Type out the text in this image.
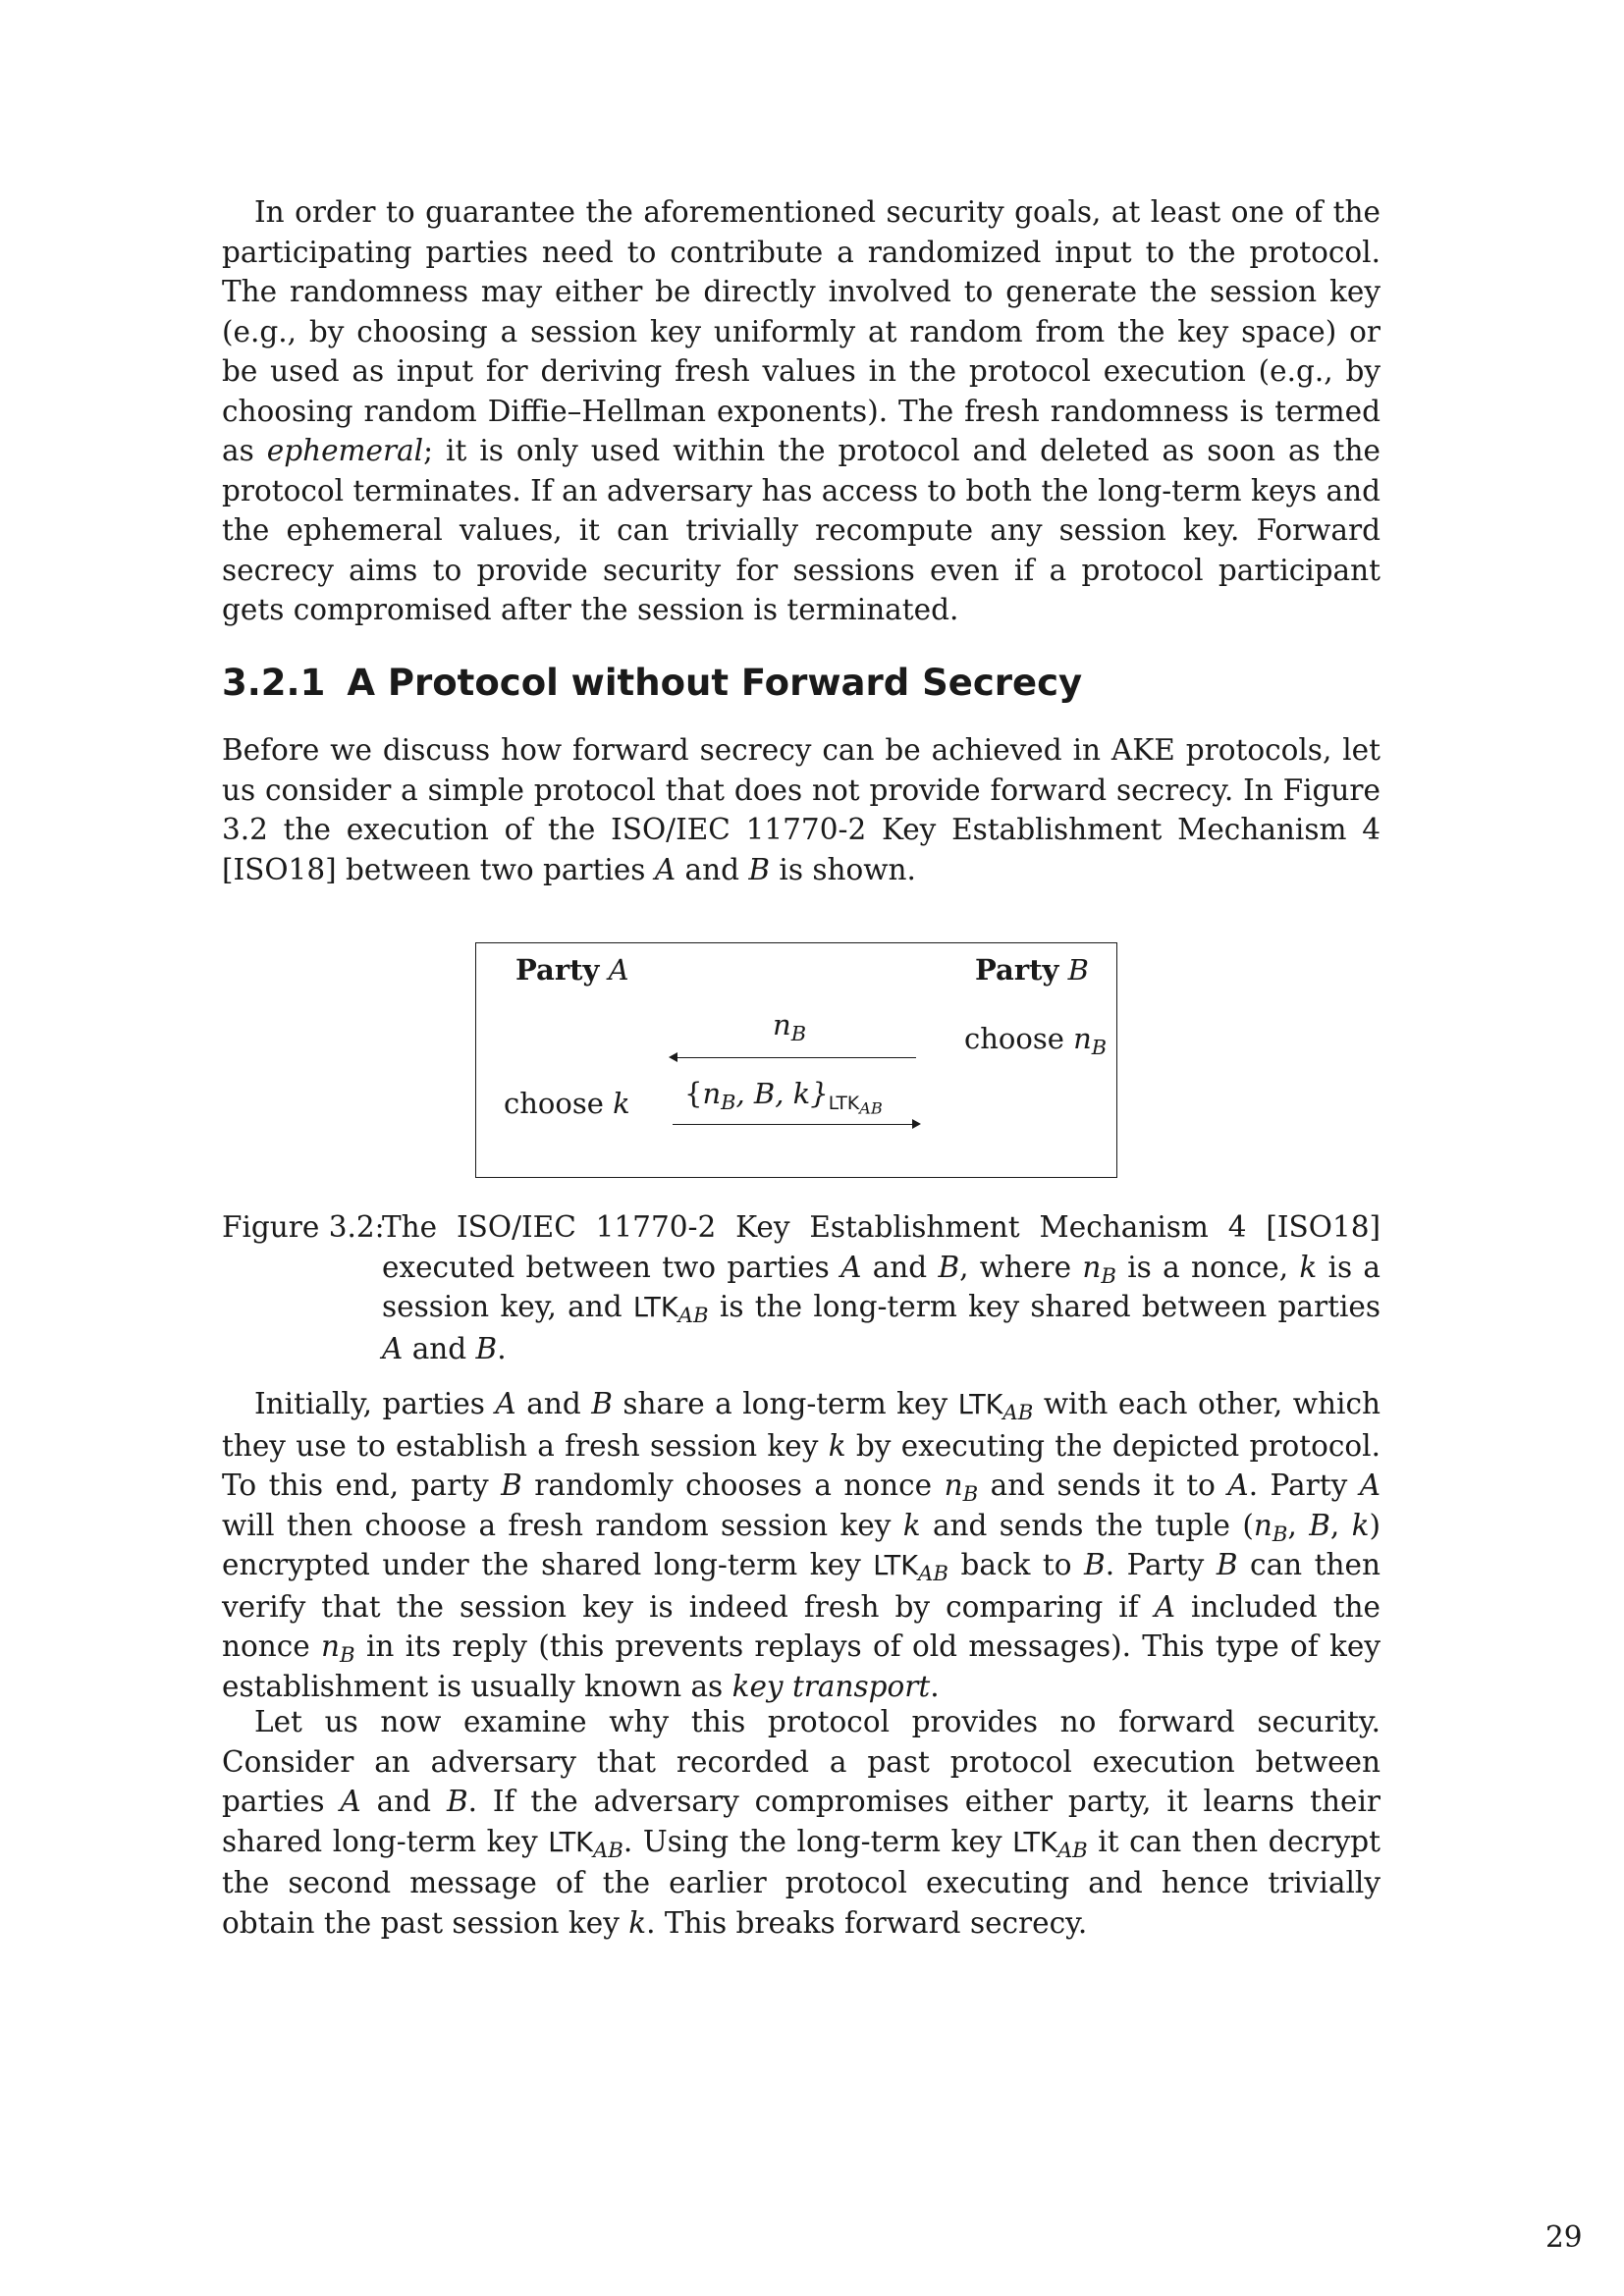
In order to guarantee the aforementioned security goals, at least one of the participating parties need to contribute a randomized input to the protocol. The randomness may either be directly involved to generate the session key (e.g., by choosing a session key uniformly at random from the key space) or be used as input for deriving fresh values in the protocol execution (e.g., by choosing random Diffie–Hellman exponents). The fresh randomness is termed as ephemeral; it is only used within the protocol and deleted as soon as the protocol terminates. If an adversary has access to both the long-term keys and the ephemeral values, it can trivially recompute any session key. Forward secrecy aims to provide security for sessions even if a protocol participant gets compromised after the session is terminated.

3.2.1 A Protocol without Forward Secrecy

Before we discuss how forward secrecy can be achieved in AKE protocols, let us consider a simple protocol that does not provide forward secrecy. In Figure 3.2 the execution of the ISO/IEC 11770-2 Key Establishment Mechanism 4 [ISO18] between two parties A and B is shown.

Party A	Party B
$n_B$	choose $n_B$
choose k {$n_B$, B, $k\}_{LTK_{AB}}$
Figure 3.2:
The ISO/IEC 11770-2 Key Establishment Mechanism 4 [ISO18] executed between two parties A and B, where $n_B$ is a nonce, k is a session key, and $LTK_{AB}$ is the long-term key shared between parties A and B.

Initially, parties A and B share a long-term key $LTK_{AB}$ with each other, which they use to establish a fresh session key k by executing the depicted protocol. To this end, party B randomly chooses a nonce $n_B$ and sends it to A. Party A will then choose a fresh random session key k and sends the tuple ($n_B$, B, k) encrypted under the shared long-term key $LTK_{AB}$ back to B. Party B can then verify that the session key is indeed fresh by comparing if A included the nonce $n_B$ in its reply (this prevents replays of old messages). This type of key establishment is usually known as key transport.

Let us now examine why this protocol provides no forward security. Consider an adversary that recorded a past protocol execution between parties A and B. If the adversary compromises either party, it learns their shared long-term key $LTK_{AB}$. Using the long-term key $LTK_{AB}$ it can then decrypt the second message of the earlier protocol executing and hence trivially obtain the past session key k. This breaks forward secrecy.

29
